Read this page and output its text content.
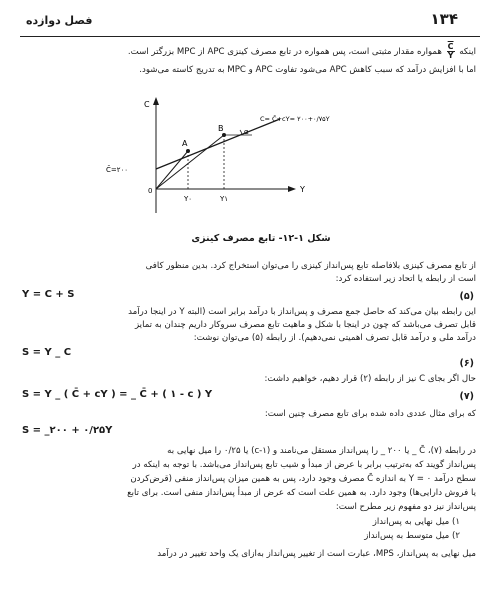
فصل دوازده	۱۳۴
اینکه
$\frac{C}{Y}$
همواره مقدار مثبتی است، پس همواره در تابع مصرف کینزی APC از MPC بزرگتر است.
اما با افزایش درآمد که سبب کاهش APC می‌شود تفاوت APC و MPC به تدریج کاسته می‌شود.
C
Y
A
B	α
0
C̄=۲۰۰
C= C̄+cY= ۲۰۰+۰/۷۵Y
Y۰	Y۱
شکل ۱-۱۲- تابع مصرف کینزی
از تابع مصرف کینزی بلافاصله تابع پس‌انداز کینزی را می‌توان استخراج کرد. بدین منظور کافی
است از رابطه یا اتحاد زیر استفاده کرد:
Y = C + S	(۵)
این رابطه بیان می‌کند که حاصل جمع مصرف و پس‌انداز با درآمد برابر است (البته Y در اینجا درآمد
قابل تصرف می‌باشد که چون در اینجا با شکل و ماهیت تابع مصرف سروکار داریم چندان به تمایز
درآمد ملی و درآمد قابل تصرف اهمیتی نمی‌دهیم). از رابطه (۵) می‌توان نوشت:
S = Y _ C
(۶)
حال اگر بجای C نیز از رابطه (۲) قرار دهیم، خواهیم داشت:
S = Y _ ( C̄ + cY ) = _ C̄ + ( ۱ - c ) Y	(۷)
که برای مثال عددی داده شده برای تابع مصرف چنین است:
S = _۲۰۰ + ۰/۲۵Y
در رابطه (۷)، C̄ _ یا ۲۰۰ _ را پس‌انداز مستقل می‌نامند و (c-۱) یا ۰/۲۵ را میل نهایی به
پس‌انداز گویند که به‌ترتیب برابر با عرض از مبدأ و شیب تابع پس‌انداز می‌باشد. با توجه به اینکه در
سطح درآمد Y = ۰ به اندازه C̄ مصرف وجود دارد، پس به همین میزان پس‌انداز منفی (قرض‌کردن
یا فروش دارایی‌ها) وجود دارد. به همین علت است که عرض از مبدأ پس‌انداز منفی است. برای تابع
پس‌انداز نیز دو مفهوم زیر مطرح است:
۱) میل نهایی به پس‌انداز
۲) میل متوسط به پس‌انداز
میل نهایی به پس‌انداز، MPS، عبارت است از تغییر پس‌انداز به‌ازای یک واحد تغییر در درآمد
